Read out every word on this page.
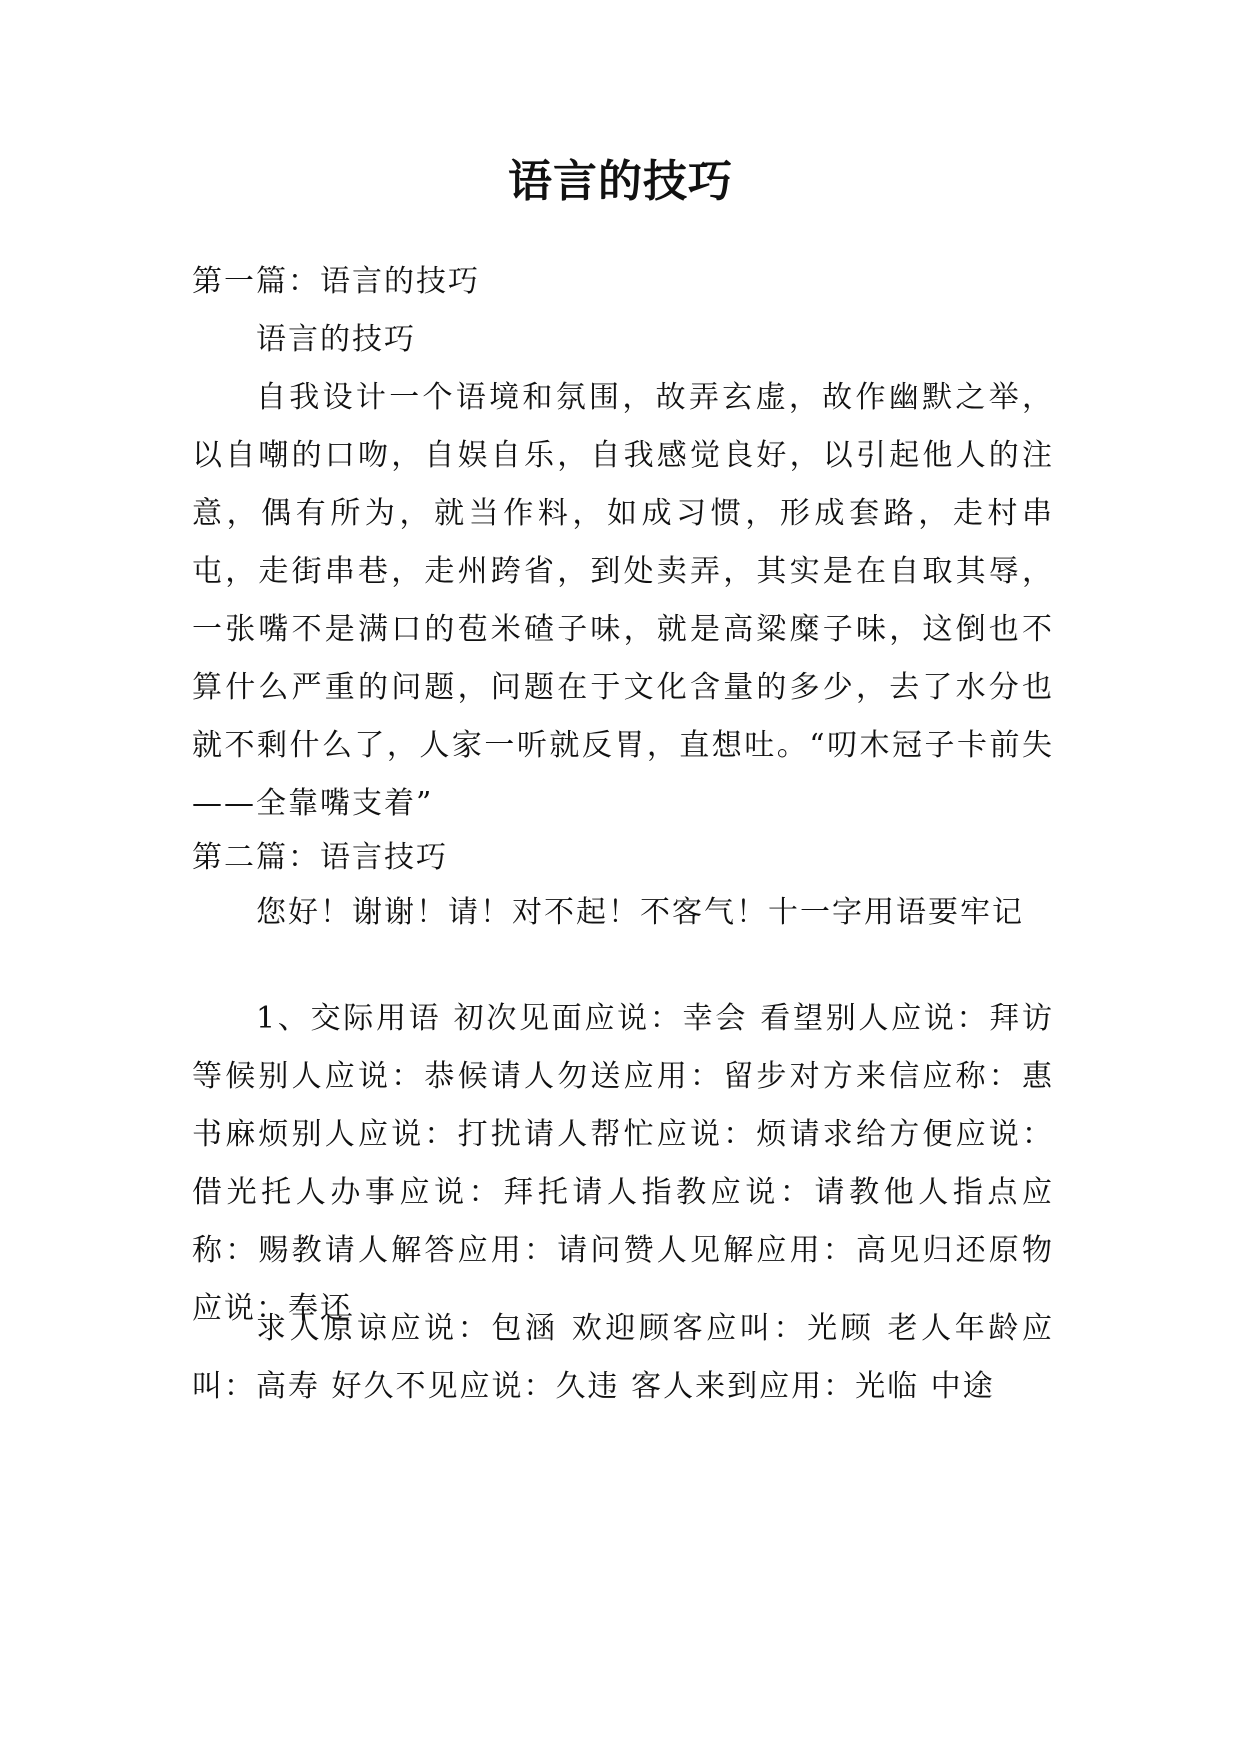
语言的技巧
第一篇：语言的技巧
语言的技巧

自我设计一个语境和氛围，故弄玄虚，故作幽默之举，以自嘲的口吻，自娱自乐，自我感觉良好，以引起他人的注意，偶有所为，就当作料，如成习惯，形成套路，走村串屯，走街串巷，走州跨省，到处卖弄，其实是在自取其辱，一张嘴不是满口的苞米碴子味，就是高粱糜子味，这倒也不算什么严重的问题，问题在于文化含量的多少，去了水分也就不剩什么了，人家一听就反胃，直想吐。“叨木冠子卡前失——全靠嘴支着”

第二篇：语言技巧

您好！谢谢！请！对不起！不客气！十一字用语要牢记

1、交际用语 初次见面应说：幸会 看望别人应说：拜访等候别人应说：恭候请人勿送应用：留步对方来信应称：惠书麻烦别人应说：打扰请人帮忙应说：烦请求给方便应说：借光托人办事应说：拜托请人指教应说：请教他人指点应称：赐教请人解答应用：请问赞人见解应用：高见归还原物应说：奉还

求人原谅应说：包涵 欢迎顾客应叫：光顾 老人年龄应叫：高寿 好久不见应说：久违 客人来到应用：光临 中途
